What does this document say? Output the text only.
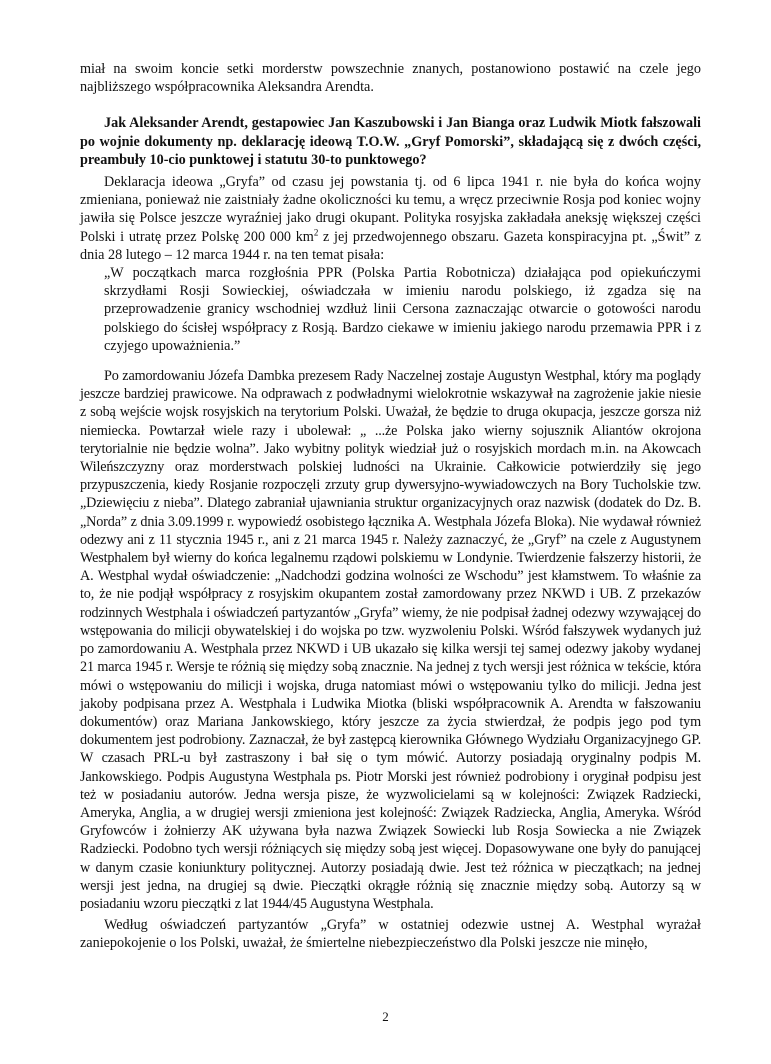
miał na swoim koncie setki morderstw powszechnie znanych, postanowiono postawić na czele jego najbliższego współpracownika Aleksandra Arendta.

Jak Aleksander Arendt, gestapowiec Jan Kaszubowski i Jan Bianga oraz Ludwik Miotk fałszowali po wojnie dokumenty np. deklarację ideową T.O.W. „Gryf Pomorski”, składającą się z dwóch części, preambuły 10-cio punktowej i statutu 30-to punktowego?

Deklaracja ideowa „Gryfa” od czasu jej powstania tj. od 6 lipca 1941 r. nie była do końca wojny zmieniana, ponieważ nie zaistniały żadne okoliczności ku temu, a wręcz przeciwnie Rosja pod koniec wojny jawiła się Polsce jeszcze wyraźniej jako drugi okupant. Polityka rosyjska zakładała aneksję większej części Polski i utratę przez Polskę 200 000 $km^2$ z jej przedwojennego obszaru. Gazeta konspiracyjna pt. „Świt” z dnia 28 lutego – 12 marca 1944 r. na ten temat pisała:

„W początkach marca rozgłośnia PPR (Polska Partia Robotnicza) działająca pod opiekuńczymi skrzydłami Rosji Sowieckiej, oświadczała w imieniu narodu polskiego, iż zgadza się na przeprowadzenie granicy wschodniej wzdłuż linii Cersona zaznaczając otwarcie o gotowości narodu polskiego do ścisłej współpracy z Rosją. Bardzo ciekawe w imieniu jakiego narodu przemawia PPR i z czyjego upoważnienia.”

Po zamordowaniu Józefa Dambka prezesem Rady Naczelnej zostaje Augustyn Westphal, który ma poglądy jeszcze bardziej prawicowe. Na odprawach z podwładnymi wielokrotnie wskazywał na zagrożenie jakie niesie z sobą wejście wojsk rosyjskich na terytorium Polski. Uważał, że będzie to druga okupacja, jeszcze gorsza niż niemiecka. Powtarzał wiele razy i ubolewał: „ ...że Polska jako wierny sojusznik Aliantów okrojona terytorialnie nie będzie wolna”. Jako wybitny polityk wiedział już o rosyjskich mordach m.in. na Akowcach Wileńszczyzny oraz morderstwach polskiej ludności na Ukrainie. Całkowicie potwierdziły się jego przypuszczenia, kiedy Rosjanie rozpoczęli zrzuty grup dywersyjno-wywiadowczych na Bory Tucholskie tzw. „Dziewięciu z nieba”. Dlatego zabraniał ujawniania struktur organizacyjnych oraz nazwisk (dodatek do Dz. B. „Norda” z dnia 3.09.1999 r. wypowiedź osobistego łącznika A. Westphala Józefa Bloka). Nie wydawał również odezwy ani z 11 stycznia 1945 r., ani z 21 marca 1945 r. Należy zaznaczyć, że „Gryf” na czele z Augustynem Westphalem był wierny do końca legalnemu rządowi polskiemu w Londynie. Twierdzenie fałszerzy historii, że A. Westphal wydał oświadczenie: „Nadchodzi godzina wolności ze Wschodu” jest kłamstwem. To właśnie za to, że nie podjął współpracy z rosyjskim okupantem został zamordowany przez NKWD i UB. Z przekazów rodzinnych Westphala i oświadczeń partyzantów „Gryfa” wiemy, że nie podpisał żadnej odezwy wzywającej do wstępowania do milicji obywatelskiej i do wojska po tzw. wyzwoleniu Polski. Wśród fałszywek wydanych już po zamordowaniu A. Westphala przez NKWD i UB ukazało się kilka wersji tej samej odezwy jakoby wydanej 21 marca 1945 r. Wersje te różnią się między sobą znacznie. Na jednej z tych wersji jest różnica w tekście, która mówi o wstępowaniu do milicji i wojska, druga natomiast mówi o wstępowaniu tylko do milicji. Jedna jest jakoby podpisana przez A. Westphala i Ludwika Miotka (bliski współpracownik A. Arendta w fałszowaniu dokumentów) oraz Mariana Jankowskiego, który jeszcze za życia stwierdzał, że podpis jego pod tym dokumentem jest podrobiony. Zaznaczał, że był zastępcą kierownika Głównego Wydziału Organizacyjnego GP. W czasach PRL-u był zastraszony i bał się o tym mówić. Autorzy posiadają oryginalny podpis M. Jankowskiego. Podpis Augustyna Westphala ps. Piotr Morski jest również podrobiony i oryginał podpisu jest też w posiadaniu autorów. Jedna wersja pisze, że wyzwolicielami są w kolejności: Związek Radziecki, Ameryka, Anglia, a w drugiej wersji zmieniona jest kolejność: Związek Radziecka, Anglia, Ameryka. Wśród Gryfowców i żołnierzy AK używana była nazwa Związek Sowiecki lub Rosja Sowiecka a nie Związek Radziecki. Podobno tych wersji różniących się między sobą jest więcej. Dopasowywane one były do panującej w danym czasie koniunktury politycznej. Autorzy posiadają dwie. Jest też różnica w pieczątkach; na jednej wersji jest jedna, na drugiej są dwie. Pieczątki okrągłe różnią się znacznie między sobą. Autorzy są w posiadaniu wzoru pieczątki z lat 1944/45 Augustyna Westphala.

Według oświadczeń partyzantów „Gryfa” w ostatniej odezwie ustnej A. Westphal wyrażał zaniepokojenie o los Polski, uważał, że śmiertelne niebezpieczeństwo dla Polski jeszcze nie minęło,

2
